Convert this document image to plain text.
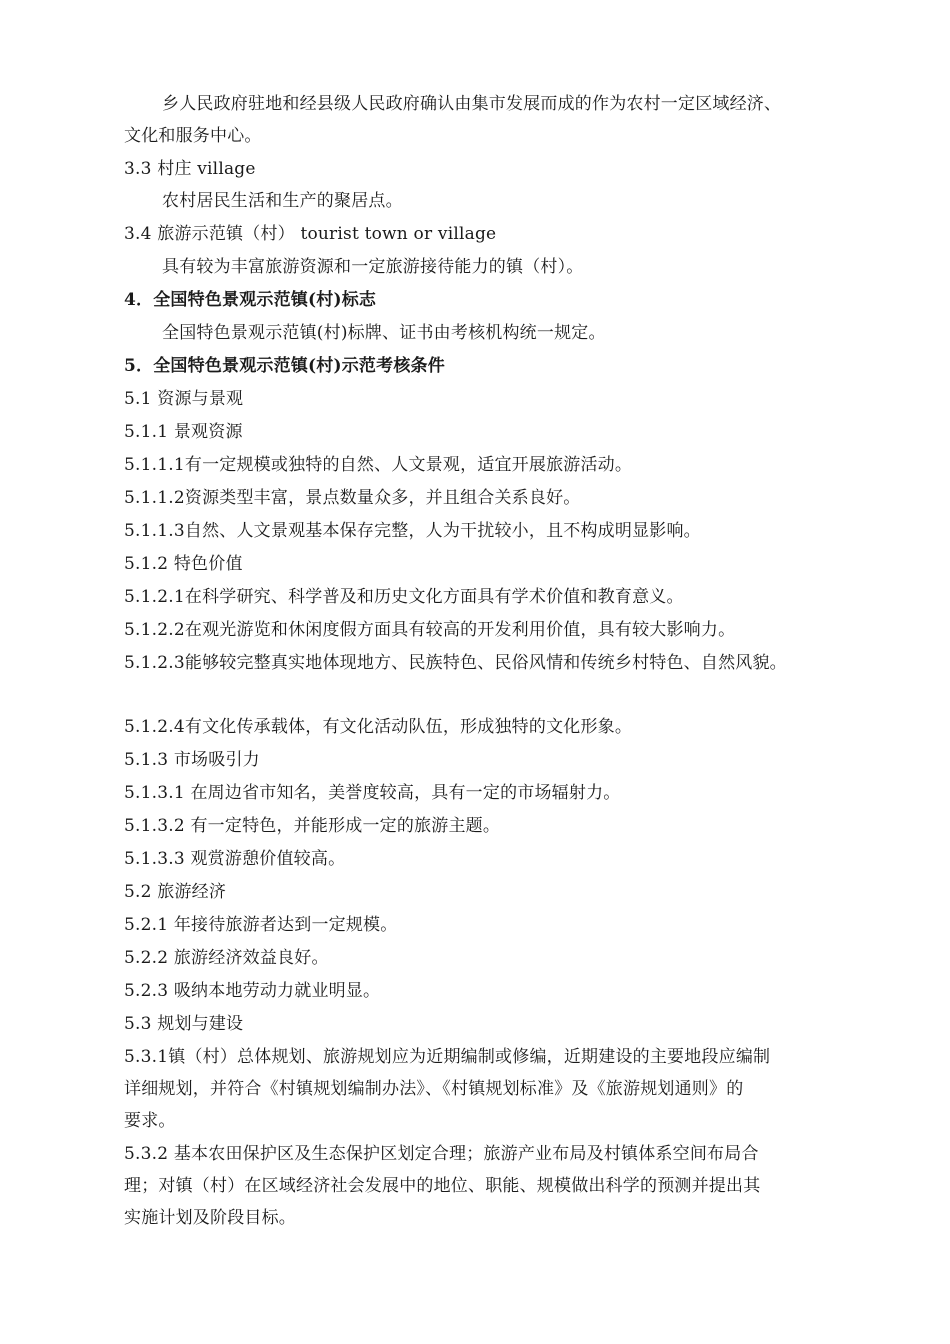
乡人民政府驻地和经县级人民政府确认由集市发展而成的作为农村一定区域经济、
文化和服务中心。
3.3 村庄 village
农村居民生活和生产的聚居点。
3.4 旅游示范镇（村） tourist town or village
具有较为丰富旅游资源和一定旅游接待能力的镇（村）。
4．全国特色景观示范镇(村)标志
全国特色景观示范镇(村)标牌、证书由考核机构统一规定。
5．全国特色景观示范镇(村)示范考核条件
5.1 资源与景观
5.1.1 景观资源
5.1.1.1有一定规模或独特的自然、人文景观，适宜开展旅游活动。
5.1.1.2资源类型丰富，景点数量众多，并且组合关系良好。
5.1.1.3自然、人文景观基本保存完整，人为干扰较小，且不构成明显影响。
5.1.2 特色价值
5.1.2.1在科学研究、科学普及和历史文化方面具有学术价值和教育意义。
5.1.2.2在观光游览和休闲度假方面具有较高的开发利用价值，具有较大影响力。
5.1.2.3能够较完整真实地体现地方、民族特色、民俗风情和传统乡村特色、自然风貌。
5.1.2.4有文化传承载体，有文化活动队伍，形成独特的文化形象。
5.1.3 市场吸引力
5.1.3.1 在周边省市知名，美誉度较高，具有一定的市场辐射力。
5.1.3.2 有一定特色，并能形成一定的旅游主题。
5.1.3.3 观赏游憩价值较高。
5.2 旅游经济
5.2.1 年接待旅游者达到一定规模。
5.2.2 旅游经济效益良好。
5.2.3 吸纳本地劳动力就业明显。
5.3 规划与建设
5.3.1镇（村）总体规划、旅游规划应为近期编制或修编，近期建设的主要地段应编制
详细规划，并符合《村镇规划编制办法》、《村镇规划标准》及《旅游规划通则》的
要求。
5.3.2 基本农田保护区及生态保护区划定合理；旅游产业布局及村镇体系空间布局合
理；对镇（村）在区域经济社会发展中的地位、职能、规模做出科学的预测并提出其
实施计划及阶段目标。
